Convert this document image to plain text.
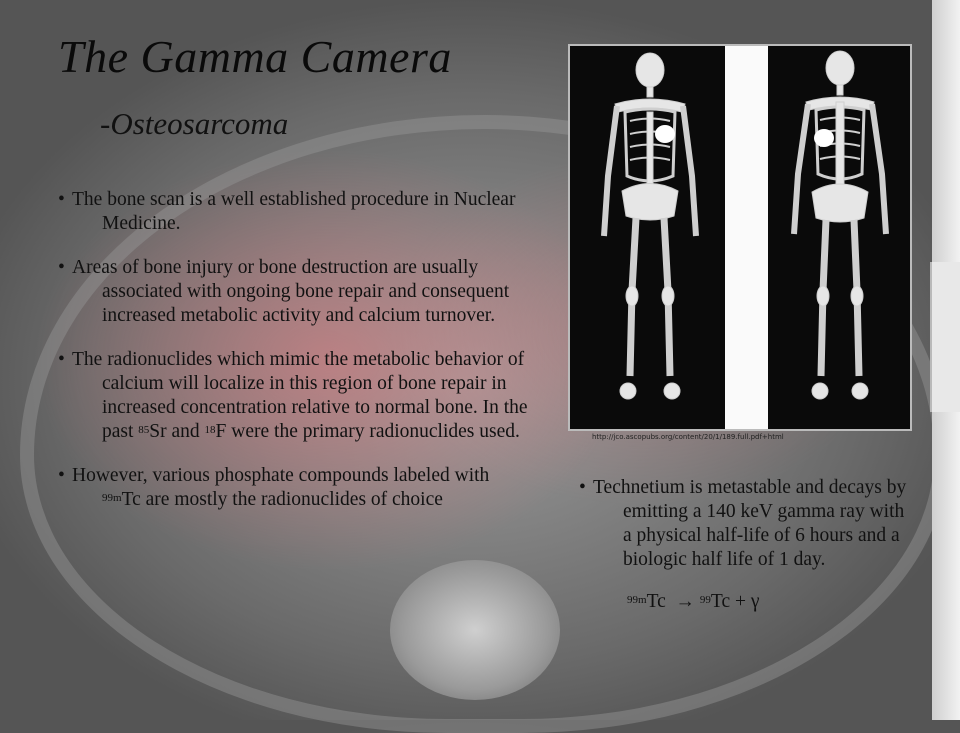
The Gamma Camera
-Osteosarcoma

• The bone scan is a well established procedure in Nuclear Medicine.

• Areas of bone injury or bone destruction are usually associated with ongoing bone repair and consequent increased metabolic activity and calcium turnover.

• The radionuclides which mimic the metabolic behavior of calcium will localize in this region of bone repair in increased concentration relative to normal bone. In the past $^{85}$Sr and $^{18}$F were the primary radionuclides used.

• However, various phosphate compounds labeled with $^{99m}$Tc are mostly the radionuclides of choice

http://jco.ascopubs.org/content/20/1/189.full.pdf+html

• Technetium is metastable and decays by emitting a 140 keV gamma ray with a physical half-life of 6 hours and a biologic half life of 1 day.

$^{99m}$Tc → $^{99}$Tc + γ
